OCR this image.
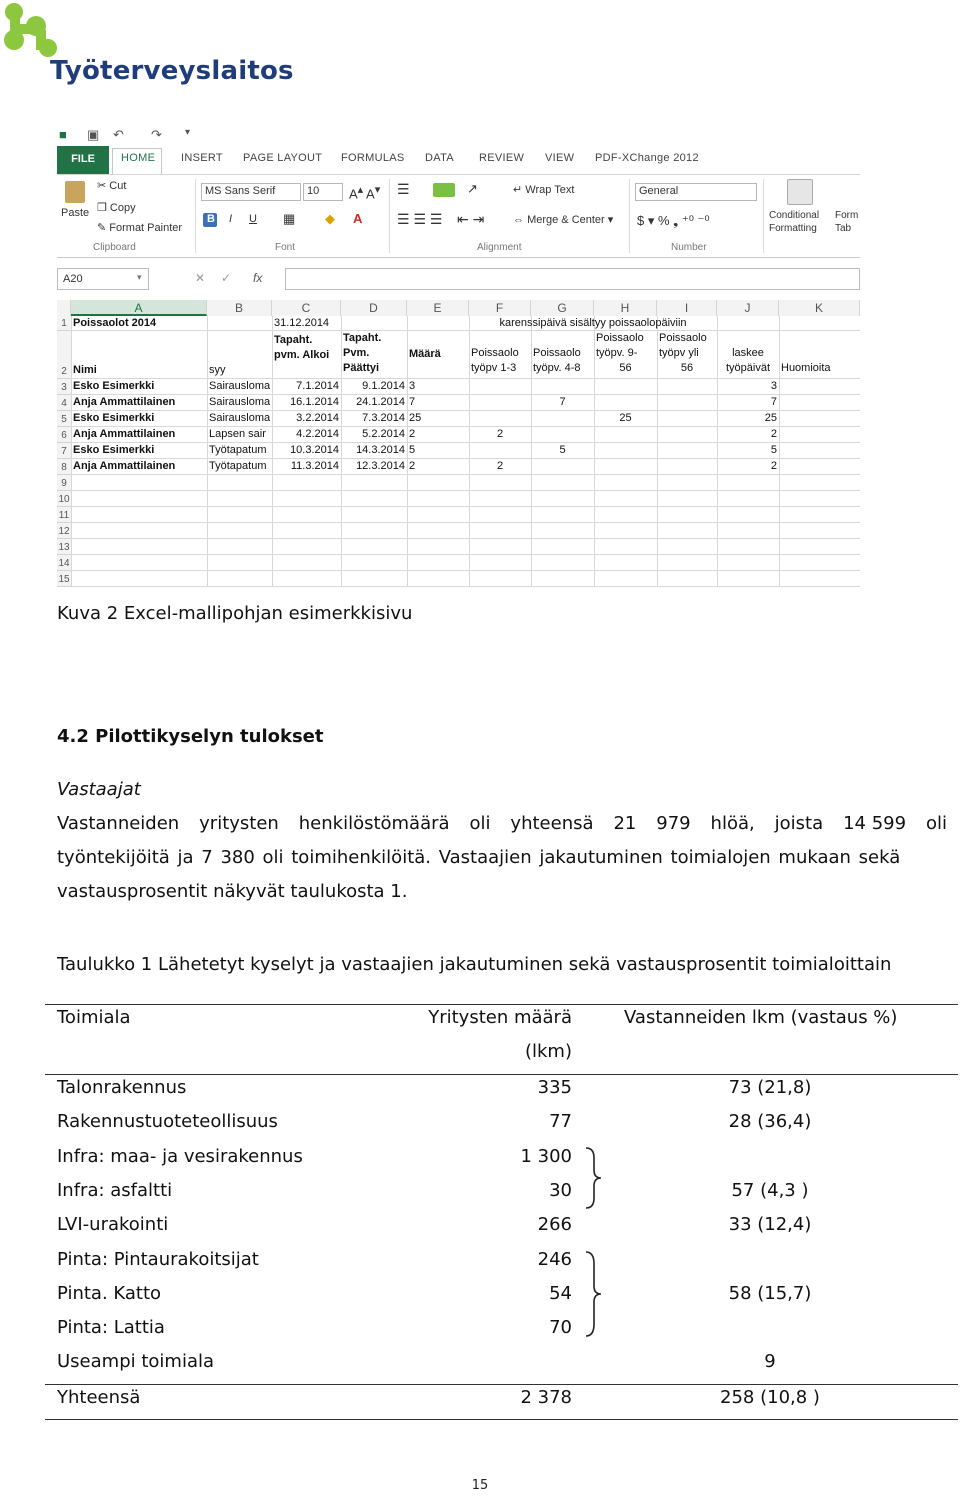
Työterveyslaitos
■ ▣ ↶ ↷ ▾
FILE	HOME INSERT PAGE LAYOUT FORMULAS DATA REVIEW VIEW PDF-XChange 2012
Paste
✂ Cut
❐ Copy
✎ Format Painter
Clipboard
MS Sans Serif	10	A▴ A▾
B I U ▦ ◆ A
Font
☰	↗
☰ ☰ ☰ ⇤ ⇥
↵ Wrap Text
⇔ Merge & Center ▾
Alignment
General
$ ▾ % ❟ ⁺⁰ ⁻⁰
Number
Conditional Formatting
Form Tab
A20	▾	✕ ✓ fx
A	B	C	D	E	F	G	H	I	J	K
1
2
3
4
5
6
7
8
9
10
11
12
13
14
15
Poissaolot 2014	31.12.2014	karenssipäivä sisältyy poissaolopäiviin
Nimi	syy
Tapaht.
pvm. Alkoi
Tapaht.
Pvm.
Päättyi
Määrä	Poissaolo
työpv 1-3
Poissaolo
työpv. 4-8
Poissaolo
työpv. 9-
56
Poissaolo
työpv yli
56
laskee
työpäivät Huomioita
Esko Esimerkki	Sairausloma	7.1.2014	9.1.2014 3	3
Anja Ammattilainen	Sairausloma	16.1.2014	24.1.2014 7	7	7
Esko Esimerkki	Sairausloma	3.2.2014	7.3.2014 25	25	25
Anja Ammattilainen	Lapsen sair	4.2.2014	5.2.2014 2	2	2
Esko Esimerkki	Työtapatum	10.3.2014	14.3.2014 5	5	5
Anja Ammattilainen	Työtapatum	11.3.2014	12.3.2014 2	2	2
Kuva 2 Excel-mallipohjan esimerkkisivu
4.2 Pilottikyselyn tulokset
Vastaajat
Vastanneiden yritysten henkilöstömäärä oli yhteensä 21 979 hlöä, joista 14 599 oli
työntekijöitä ja 7 380 oli toimihenkilöitä. Vastaajien jakautuminen toimialojen mukaan sekä
vastausprosentit näkyvät taulukosta 1.
Taulukko 1 Lähetetyt kyselyt ja vastaajien jakautuminen sekä vastausprosentit toimialoittain
Toimiala	Yritysten määrä
(lkm)
Vastanneiden lkm (vastaus %)
Talonrakennus	335	73 (21,8)
Rakennustuoteteollisuus	77	28 (36,4)
Infra: maa- ja vesirakennus	1 300
Infra: asfaltti	30	57 (4,3 )
LVI-urakointi	266	33 (12,4)
Pinta: Pintaurakoitsijat	246
Pinta. Katto	54	58 (15,7)
Pinta: Lattia	70
Useampi toimiala	9
Yhteensä	2 378	258 (10,8 )
15
